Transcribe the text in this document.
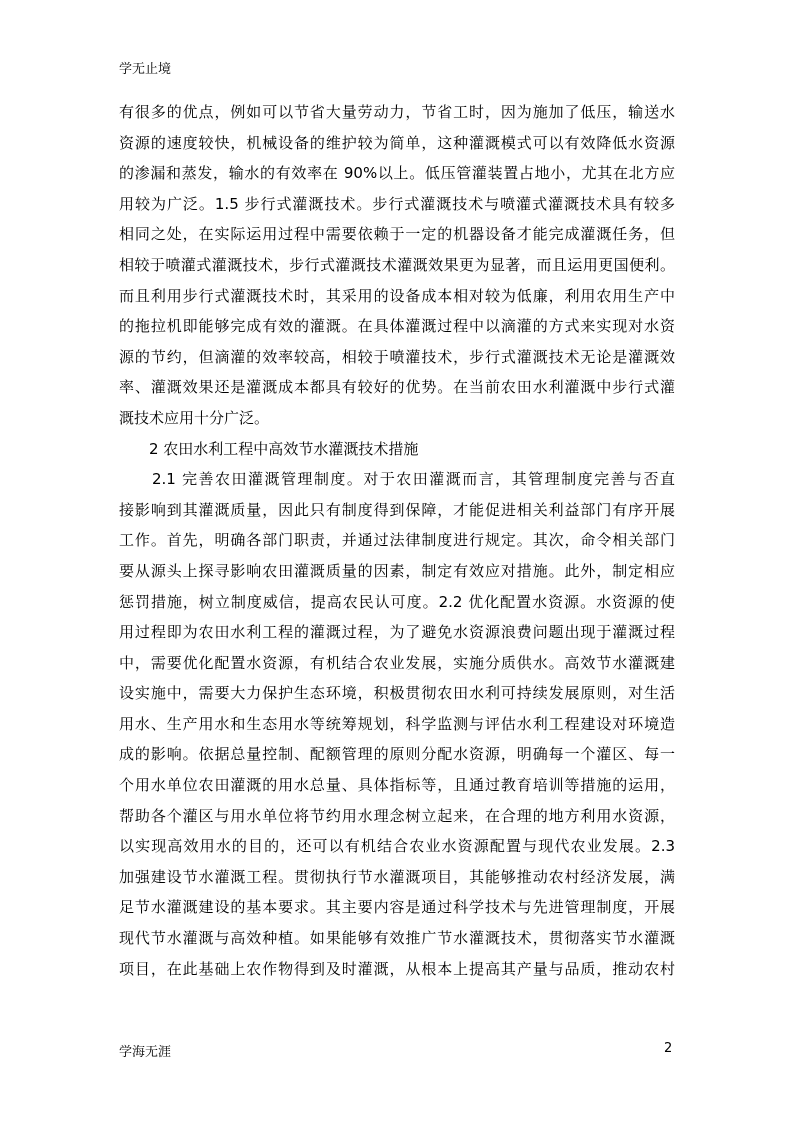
学无止境
有很多的优点，例如可以节省大量劳动力，节省工时，因为施加了低压，输送水
资源的速度较快，机械设备的维护较为简单，这种灌溉模式可以有效降低水资源
的渗漏和蒸发，输水的有效率在 90%以上。低压管灌装置占地小，尤其在北方应
用较为广泛。1.5 步行式灌溉技术。步行式灌溉技术与喷灌式灌溉技术具有较多
相同之处，在实际运用过程中需要依赖于一定的机器设备才能完成灌溉任务，但
相较于喷灌式灌溉技术，步行式灌溉技术灌溉效果更为显著，而且运用更国便利。
而且利用步行式灌溉技术时，其采用的设备成本相对较为低廉，利用农用生产中
的拖拉机即能够完成有效的灌溉。在具体灌溉过程中以滴灌的方式来实现对水资
源的节约，但滴灌的效率较高，相较于喷灌技术，步行式灌溉技术无论是灌溉效
率、灌溉效果还是灌溉成本都具有较好的优势。在当前农田水利灌溉中步行式灌
溉技术应用十分广泛。
　　2 农田水利工程中高效节水灌溉技术措施
　　2.1 完善农田灌溉管理制度。对于农田灌溉而言，其管理制度完善与否直
接影响到其灌溉质量，因此只有制度得到保障，才能促进相关利益部门有序开展
工作。首先，明确各部门职责，并通过法律制度进行规定。其次，命令相关部门
要从源头上探寻影响农田灌溉质量的因素，制定有效应对措施。此外，制定相应
惩罚措施，树立制度威信，提高农民认可度。2.2 优化配置水资源。水资源的使
用过程即为农田水利工程的灌溉过程，为了避免水资源浪费问题出现于灌溉过程
中，需要优化配置水资源，有机结合农业发展，实施分质供水。高效节水灌溉建
设实施中，需要大力保护生态环境，积极贯彻农田水利可持续发展原则，对生活
用水、生产用水和生态用水等统筹规划，科学监测与评估水利工程建设对环境造
成的影响。依据总量控制、配额管理的原则分配水资源，明确每一个灌区、每一
个用水单位农田灌溉的用水总量、具体指标等，且通过教育培训等措施的运用，
帮助各个灌区与用水单位将节约用水理念树立起来，在合理的地方利用水资源，
以实现高效用水的目的，还可以有机结合农业水资源配置与现代农业发展。2.3
加强建设节水灌溉工程。贯彻执行节水灌溉项目，其能够推动农村经济发展，满
足节水灌溉建设的基本要求。其主要内容是通过科学技术与先进管理制度，开展
现代节水灌溉与高效种植。如果能够有效推广节水灌溉技术，贯彻落实节水灌溉
项目，在此基础上农作物得到及时灌溉，从根本上提高其产量与品质，推动农村
学海无涯	2
